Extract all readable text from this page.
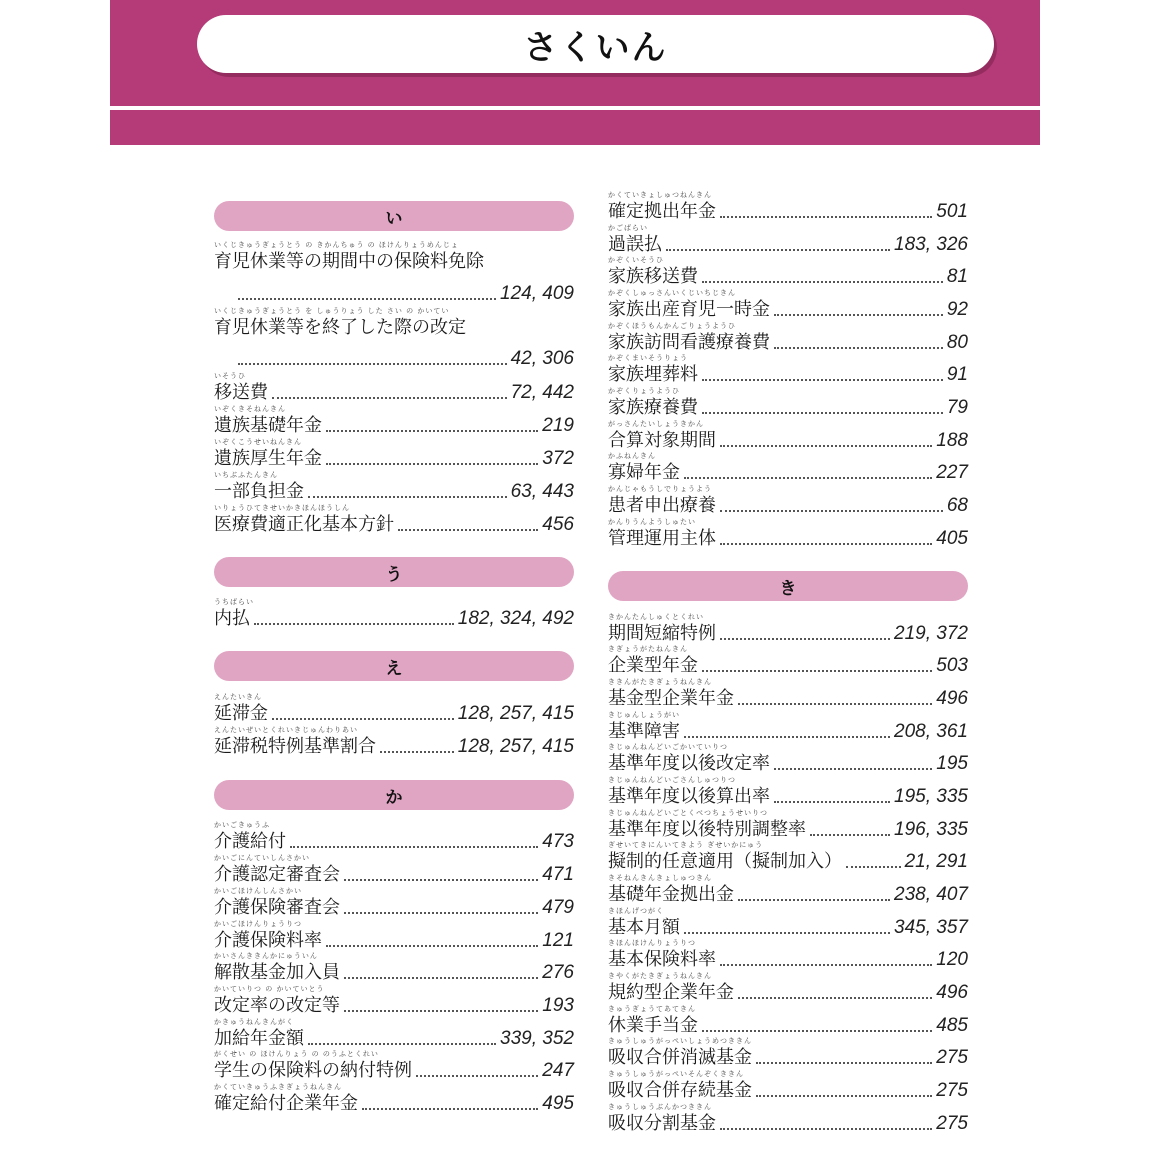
さくいん
い
いくじきゅうぎょうとう の きかんちゅう の ほけんりょうめんじょ
育児休業等の期間中の保険料免除
124, 409
いくじきゅうぎょうとう を しゅうりょう した さい の かいてい
育児休業等を終了した際の改定
42, 306
いそうひ
移送費	72, 442
いぞくきそねんきん
遺族基礎年金	219
いぞくこうせいねんきん
遺族厚生年金	372
いちぶふたんきん
一部負担金	63, 443
いりょうひてきせいかきほんほうしん
医療費適正化基本方針	456
う
うちばらい
内払	182, 324, 492
え
えんたいきん
延滞金	128, 257, 415
えんたいぜいとくれいきじゅんわりあい
延滞税特例基準割合	128, 257, 415
か
かいごきゅうふ
介護給付	473
かいごにんていしんさかい
介護認定審査会	471
かいごほけんしんさかい
介護保険審査会	479
かいごほけんりょうりつ
介護保険料率	121
かいさんききんかにゅういん
解散基金加入員	276
かいていりつ の かいていとう
改定率の改定等	193
かきゅうねんきんがく
加給年金額	339, 352
がくせい の ほけんりょう の のうふとくれい
学生の保険料の納付特例	247
かくていきゅうふきぎょうねんきん
確定給付企業年金	495
かくていきょしゅつねんきん
確定拠出年金	501
かごばらい
過誤払	183, 326
かぞくいそうひ
家族移送費	81
かぞくしゅっさんいくじいちじきん
家族出産育児一時金	92
かぞくほうもんかんごりょうようひ
家族訪問看護療養費	80
かぞくまいそうりょう
家族埋葬料	91
かぞくりょうようひ
家族療養費	79
がっさんたいしょうきかん
合算対象期間	188
かふねんきん
寡婦年金	227
かんじゃもうしでりょうよう
患者申出療養	68
かんりうんようしゅたい
管理運用主体	405
き
きかんたんしゅくとくれい
期間短縮特例	219, 372
きぎょうがたねんきん
企業型年金	503
ききんがたきぎょうねんきん
基金型企業年金	496
きじゅんしょうがい
基準障害	208, 361
きじゅんねんどいごかいていりつ
基準年度以後改定率	195
きじゅんねんどいごさんしゅつりつ
基準年度以後算出率	195, 335
きじゅんねんどいごとくべつちょうせいりつ
基準年度以後特別調整率	196, 335
ぎせいてきにんいてきよう ぎせいかにゅう
擬制的任意適用（擬制加入）	21, 291
きそねんきんきょしゅつきん
基礎年金拠出金	238, 407
きほんげつがく
基本月額	345, 357
きほんほけんりょうりつ
基本保険料率	120
きやくがたきぎょうねんきん
規約型企業年金	496
きゅうぎょうてあてきん
休業手当金	485
きゅうしゅうがっぺいしょうめつききん
吸収合併消滅基金	275
きゅうしゅうがっぺいそんぞくききん
吸収合併存続基金	275
きゅうしゅうぶんかつききん
吸収分割基金	275
